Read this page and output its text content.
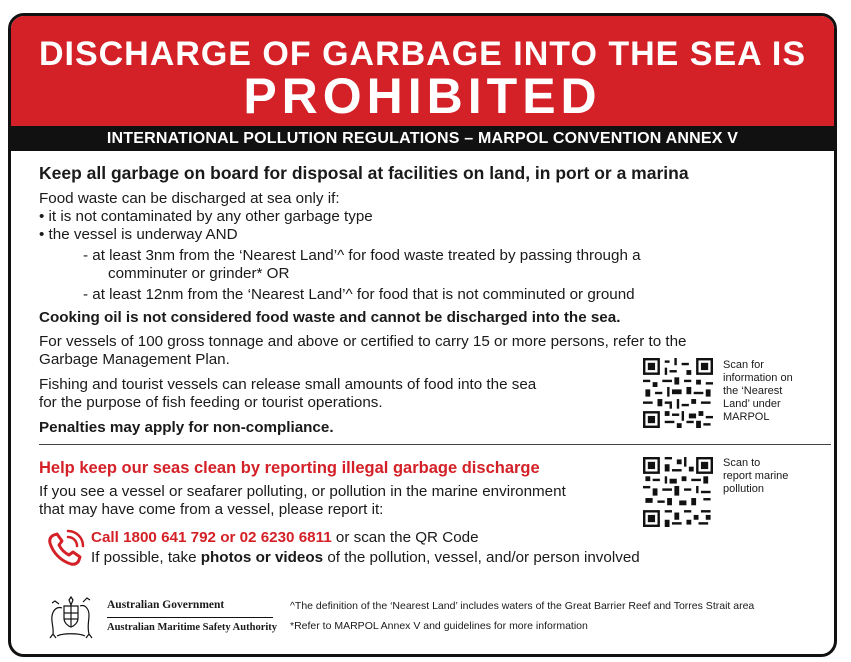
DISCHARGE OF GARBAGE INTO THE SEA IS
PROHIBITED
INTERNATIONAL POLLUTION REGULATIONS – MARPOL CONVENTION ANNEX V
Keep all garbage on board for disposal at facilities on land, in port or a marina
Food waste can be discharged at sea only if:
• it is not contaminated by any other garbage type
• the vessel is underway AND
- at least 3nm from the ‘Nearest Land’^ for food waste treated by passing through a
comminuter or grinder* OR
- at least 12nm from the ‘Nearest Land’^ for food that is not comminuted or ground
Cooking oil is not considered food waste and cannot be discharged into the sea.
For vessels of 100 gross tonnage and above or certified to carry 15 or more persons, refer to the
Garbage Management Plan.
Fishing and tourist vessels can release small amounts of food into the sea
for the purpose of fish feeding or tourist operations.
Penalties may apply for non-compliance.
Scan for
information on
the ‘Nearest
Land’ under
MARPOL
Help keep our seas clean by reporting illegal garbage discharge
If you see a vessel or seafarer polluting, or pollution in the marine environment
that may have come from a vessel, please report it:
Call 1800 641 792 or 02 6230 6811 or scan the QR Code
If possible, take photos or videos of the pollution, vessel, and/or person involved
Scan to
report marine
pollution
Australian Government
Australian Maritime Safety Authority
^The definition of the ‘Nearest Land’ includes waters of the Great Barrier Reef and Torres Strait area
*Refer to MARPOL Annex V and guidelines for more information
